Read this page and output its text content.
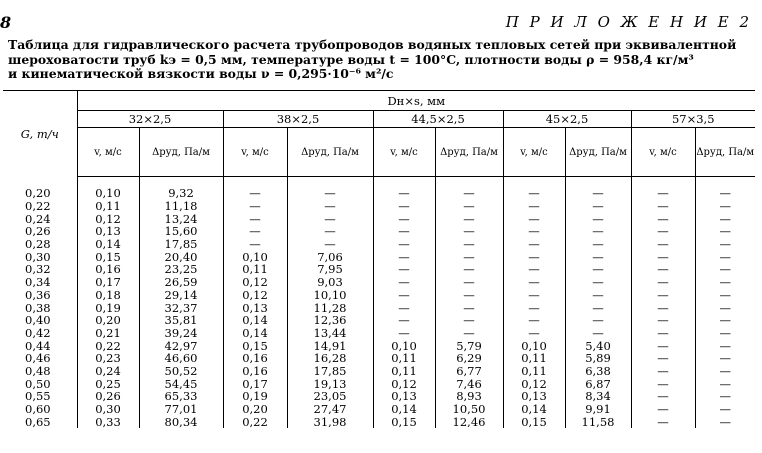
8	П Р И Л О Ж Е Н И Е 2
Таблица для гидравлического расчета трубопроводов водяных тепловых сетей при эквивалентной
шероховатости труб kэ = 0,5 мм, температуре воды t = 100°C, плотности воды ρ = 958,4 кг/м³
и кинематической вязкости воды ν = 0,295·10⁻⁶ м²/с
G, т/ч	Dн×s, мм									
	32×2,5		38×2,5		44,5×2,5		45×2,5		57×3,5	
	v, м/с	Δpуд, Па/м	v, м/с	Δpуд, Па/м	v, м/с	Δpуд, Па/м	v, м/с	Δpуд, Па/м	v, м/с	Δpуд, Па/м
0,20	0,10	9,32	—	—	—	—	—	—	—	—
0,22	0,11	11,18	—	—	—	—	—	—	—	—
0,24	0,12	13,24	—	—	—	—	—	—	—	—
0,26	0,13	15,60	—	—	—	—	—	—	—	—
0,28	0,14	17,85	—	—	—	—	—	—	—	—
0,30	0,15	20,40	0,10	7,06	—	—	—	—	—	—
0,32	0,16	23,25	0,11	7,95	—	—	—	—	—	—
0,34	0,17	26,59	0,12	9,03	—	—	—	—	—	—
0,36	0,18	29,14	0,12	10,10	—	—	—	—	—	—
0,38	0,19	32,37	0,13	11,28	—	—	—	—	—	—
0,40	0,20	35,81	0,14	12,36	—	—	—	—	—	—
0,42	0,21	39,24	0,14	13,44	—	—	—	—	—	—
0,44	0,22	42,97	0,15	14,91	0,10	5,79	0,10	5,40	—	—
0,46	0,23	46,60	0,16	16,28	0,11	6,29	0,11	5,89	—	—
0,48	0,24	50,52	0,16	17,85	0,11	6,77	0,11	6,38	—	—
0,50	0,25	54,45	0,17	19,13	0,12	7,46	0,12	6,87	—	—
0,55	0,26	65,33	0,19	23,05	0,13	8,93	0,13	8,34	—	—
0,60	0,30	77,01	0,20	27,47	0,14	10,50	0,14	9,91	—	—
0,65	0,33	80,34	0,22	31,98	0,15	12,46	0,15	11,58	—	—
